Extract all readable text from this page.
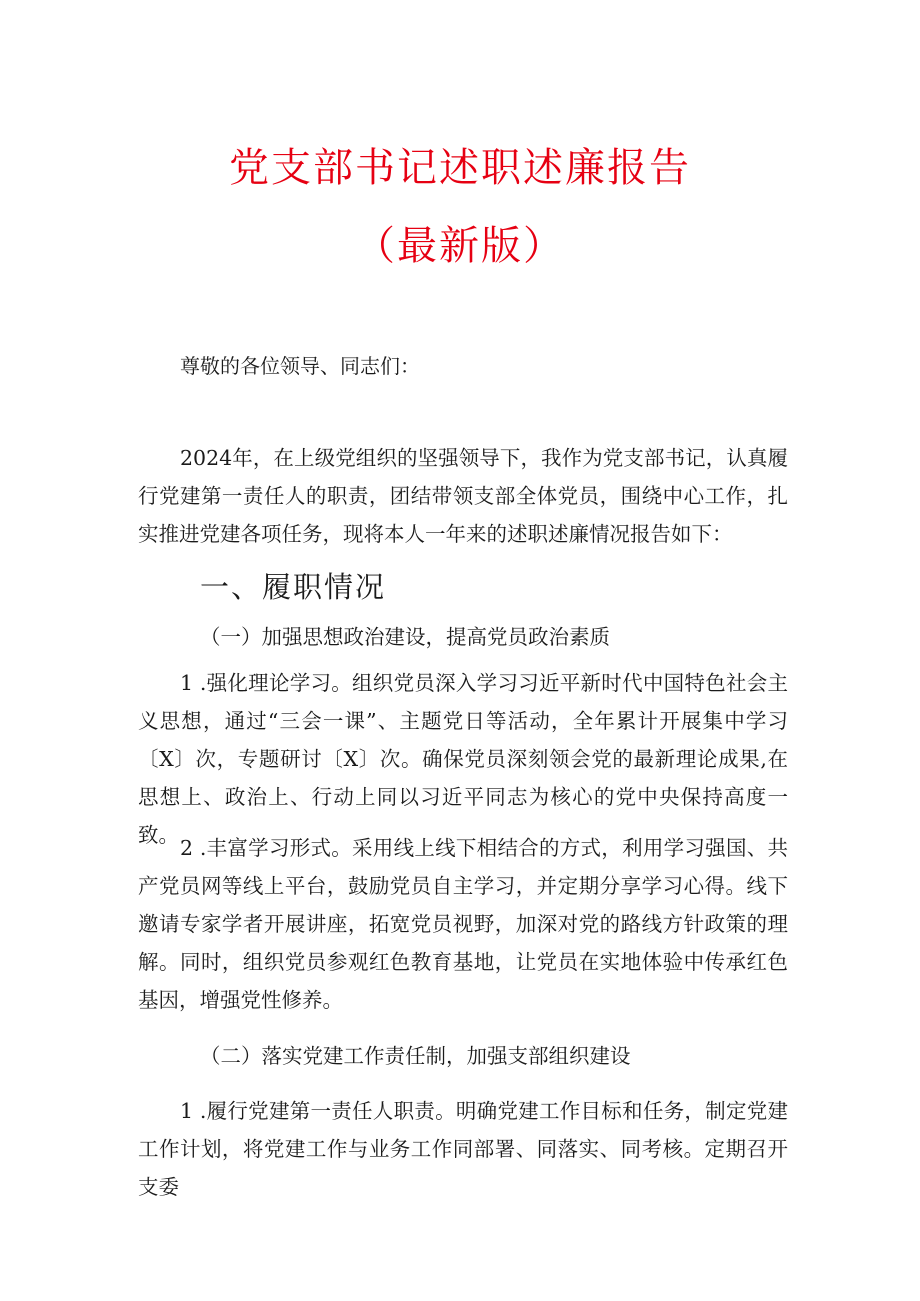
党支部书记述职述廉报告
（最新版）
尊敬的各位领导、同志们：
2024年，在上级党组织的坚强领导下，我作为党支部书记，认真履行党建第一责任人的职责，团结带领支部全体党员，围绕中心工作，扎实推进党建各项任务，现将本人一年来的述职述廉情况报告如下：
一、履职情况
（一）加强思想政治建设，提高党员政治素质
1 .强化理论学习。组织党员深入学习习近平新时代中国特色社会主义思想，通过“三会一课”、主题党日等活动，全年累计开展集中学习〔X〕次，专题研讨〔X〕次。确保党员深刻领会党的最新理论成果,在思想上、政治上、行动上同以习近平同志为核心的党中央保持高度一致。
2 .丰富学习形式。采用线上线下相结合的方式，利用学习强国、共产党员网等线上平台，鼓励党员自主学习，并定期分享学习心得。线下邀请专家学者开展讲座，拓宽党员视野，加深对党的路线方针政策的理解。同时，组织党员参观红色教育基地，让党员在实地体验中传承红色基因，增强党性修养。
（二）落实党建工作责任制，加强支部组织建设
1 .履行党建第一责任人职责。明确党建工作目标和任务，制定党建工作计划，将党建工作与业务工作同部署、同落实、同考核。定期召开支委
